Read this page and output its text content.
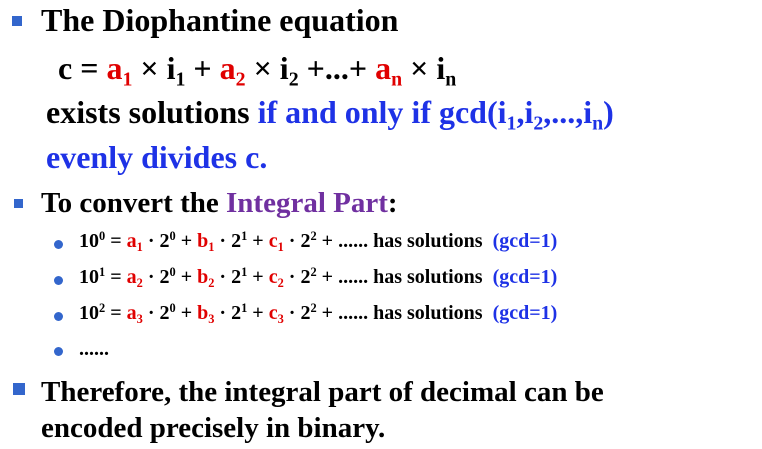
The Diophantine equation
$c = a_1 \times i_1 + a_2 \times i_2$ +...+ $a_n \times i_n$
exists solutions if and only if $\gcd(i_1,i_2,...,i_n)$
evenly divides c.
To convert the Integral Part:
$10^0 = a_1 \cdot 2^0 + b_1 \cdot 2^1 + c_1 \cdot 2^2$ + ...... has solutions  (gcd=1)
$10^1 = a_2 \cdot 2^0 + b_2 \cdot 2^1 + c_2 \cdot 2^2$ + ...... has solutions  (gcd=1)
$10^2 = a_3 \cdot 2^0 + b_3 \cdot 2^1 + c_3 \cdot 2^2$ + ...... has solutions  (gcd=1)
......
Therefore, the integral part of decimal can be
encoded precisely in binary.
